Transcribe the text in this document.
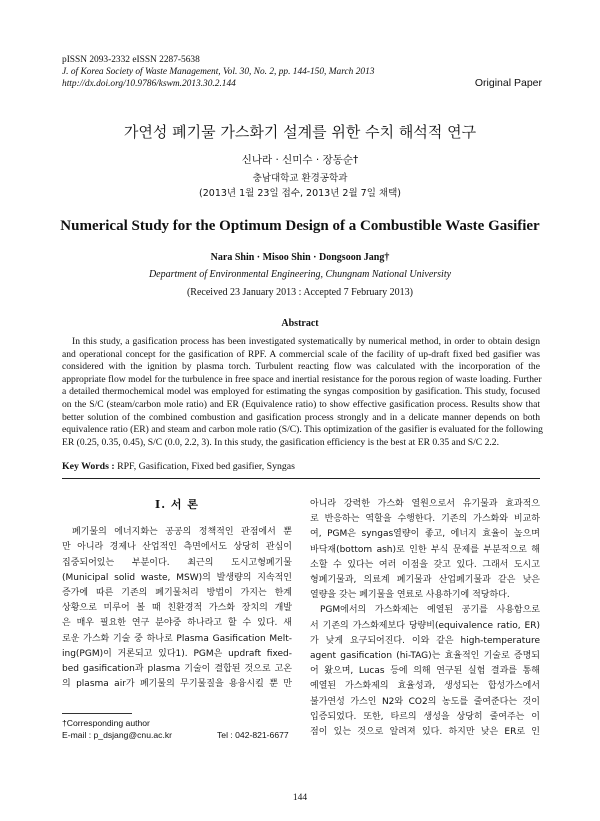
pISSN 2093-2332 eISSN 2287-5638
J. of Korea Society of Waste Management, Vol. 30, No. 2, pp. 144-150, March 2013
http://dx.doi.org/10.9786/kswm.2013.30.2.144	Original Paper
가연성 폐기물 가스화기 설계를 위한 수치 해석적 연구
신나라 · 신미수 · 장동순†
충남대학교 환경공학과
(2013년 1월 23일 접수, 2013년 2월 7일 채택)
Numerical Study for the Optimum Design of a Combustible Waste Gasifier
Nara Shin · Misoo Shin · Dongsoon Jang†
Department of Environmental Engineering, Chungnam National University
(Received 23 January 2013 : Accepted 7 February 2013)
Abstract
In this study, a gasification process has been investigated systematically by numerical method, in order to obtain design
and operational concept for the gasification of RPF. A commercial scale of the facility of up-draft fixed bed gasifier was
considered with the ignition by plasma torch. Turbulent reacting flow was calculated with the incorporation of the
appropriate flow model for the turbulence in free space and inertial resistance for the porous region of waste loading. Further
a detailed thermochemical model was employed for estimating the syngas composition by gasification. This study, focused
on the S/C (steam/carbon mole ratio) and ER (Equivalence ratio) to show effective gasification process. Results show that
better solution of the combined combustion and gasification process strongly and in a delicate manner depends on both
equivalence ratio (ER) and steam and carbon mole ratio (S/C). This optimization of the gasifier is evaluated for the following
ER (0.25, 0.35, 0.45), S/C (0.0, 2.2, 3). In this study, the gasification efficiency is the best at ER 0.35 and S/C 2.2.
Key Words : RPF, Gasification, Fixed bed gasifier, Syngas
I. 서 론
폐기물의 에너지화는 공공의 정책적인 관점에서 뿐
만 아니라 경제나 산업적인 측면에서도 상당히 관심이
집중되어있는 부분이다. 최근의 도시고형폐기물
(Municipal solid waste, MSW)의 발생량의 지속적인
증가에 따른 기존의 폐기물처리 방법이 가지는 한계
상황으로 미루어 볼 때 친환경적 가스화 장치의 개발
은 매우 필요한 연구 분야중 하나라고 할 수 있다. 새
로운 가스화 기술 중 하나로 Plasma Gasification Melt-
ing(PGM)이 거론되고 있다1). PGM은 updraft fixed-
bed gasification과 plasma 기술이 결합된 것으로 고온
의 plasma air가 폐기물의 무기물질을 용융시킬 뿐 만
아니라 강력한 가스화 열원으로서 유기물과 효과적으
로 반응하는 역할을 수행한다. 기존의 가스화와 비교하
여, PGM은 syngas열량이 좋고, 에너지 효율이 높으며
바닥재(bottom ash)로 인한 부식 문제를 부분적으로 해
소할 수 있다는 여러 이점을 갖고 있다. 그래서 도시고
형폐기물과, 의료계 폐기물과 산업폐기물과 같은 낮은
열량을 갖는 폐기물을 연료로 사용하기에 적당하다.
PGM에서의 가스화제는 예열된 공기를 사용함으로
서 기존의 가스화제보다 당량비(equivalence ratio, ER)
가 낮게 요구되어진다. 이와 같은 high-temperature
agent gasification (hi-TAG)는 효율적인 기술로 증명되
어 왔으며, Lucas 등에 의해 연구된 실험 결과를 통해
예열된 가스화제의 효율성과, 생성되는 합성가스에서
불가연성 가스인 N2와 CO2의 농도를 줄여준다는 것이
입증되었다. 또한, 타르의 생성을 상당히 줄여주는 이
점이 있는 것으로 알려져 있다. 하지만 낮은 ER로 인
†Corresponding author
E-mail : p_dsjang@cnu.ac.kr	Tel : 042-821-6677
144
